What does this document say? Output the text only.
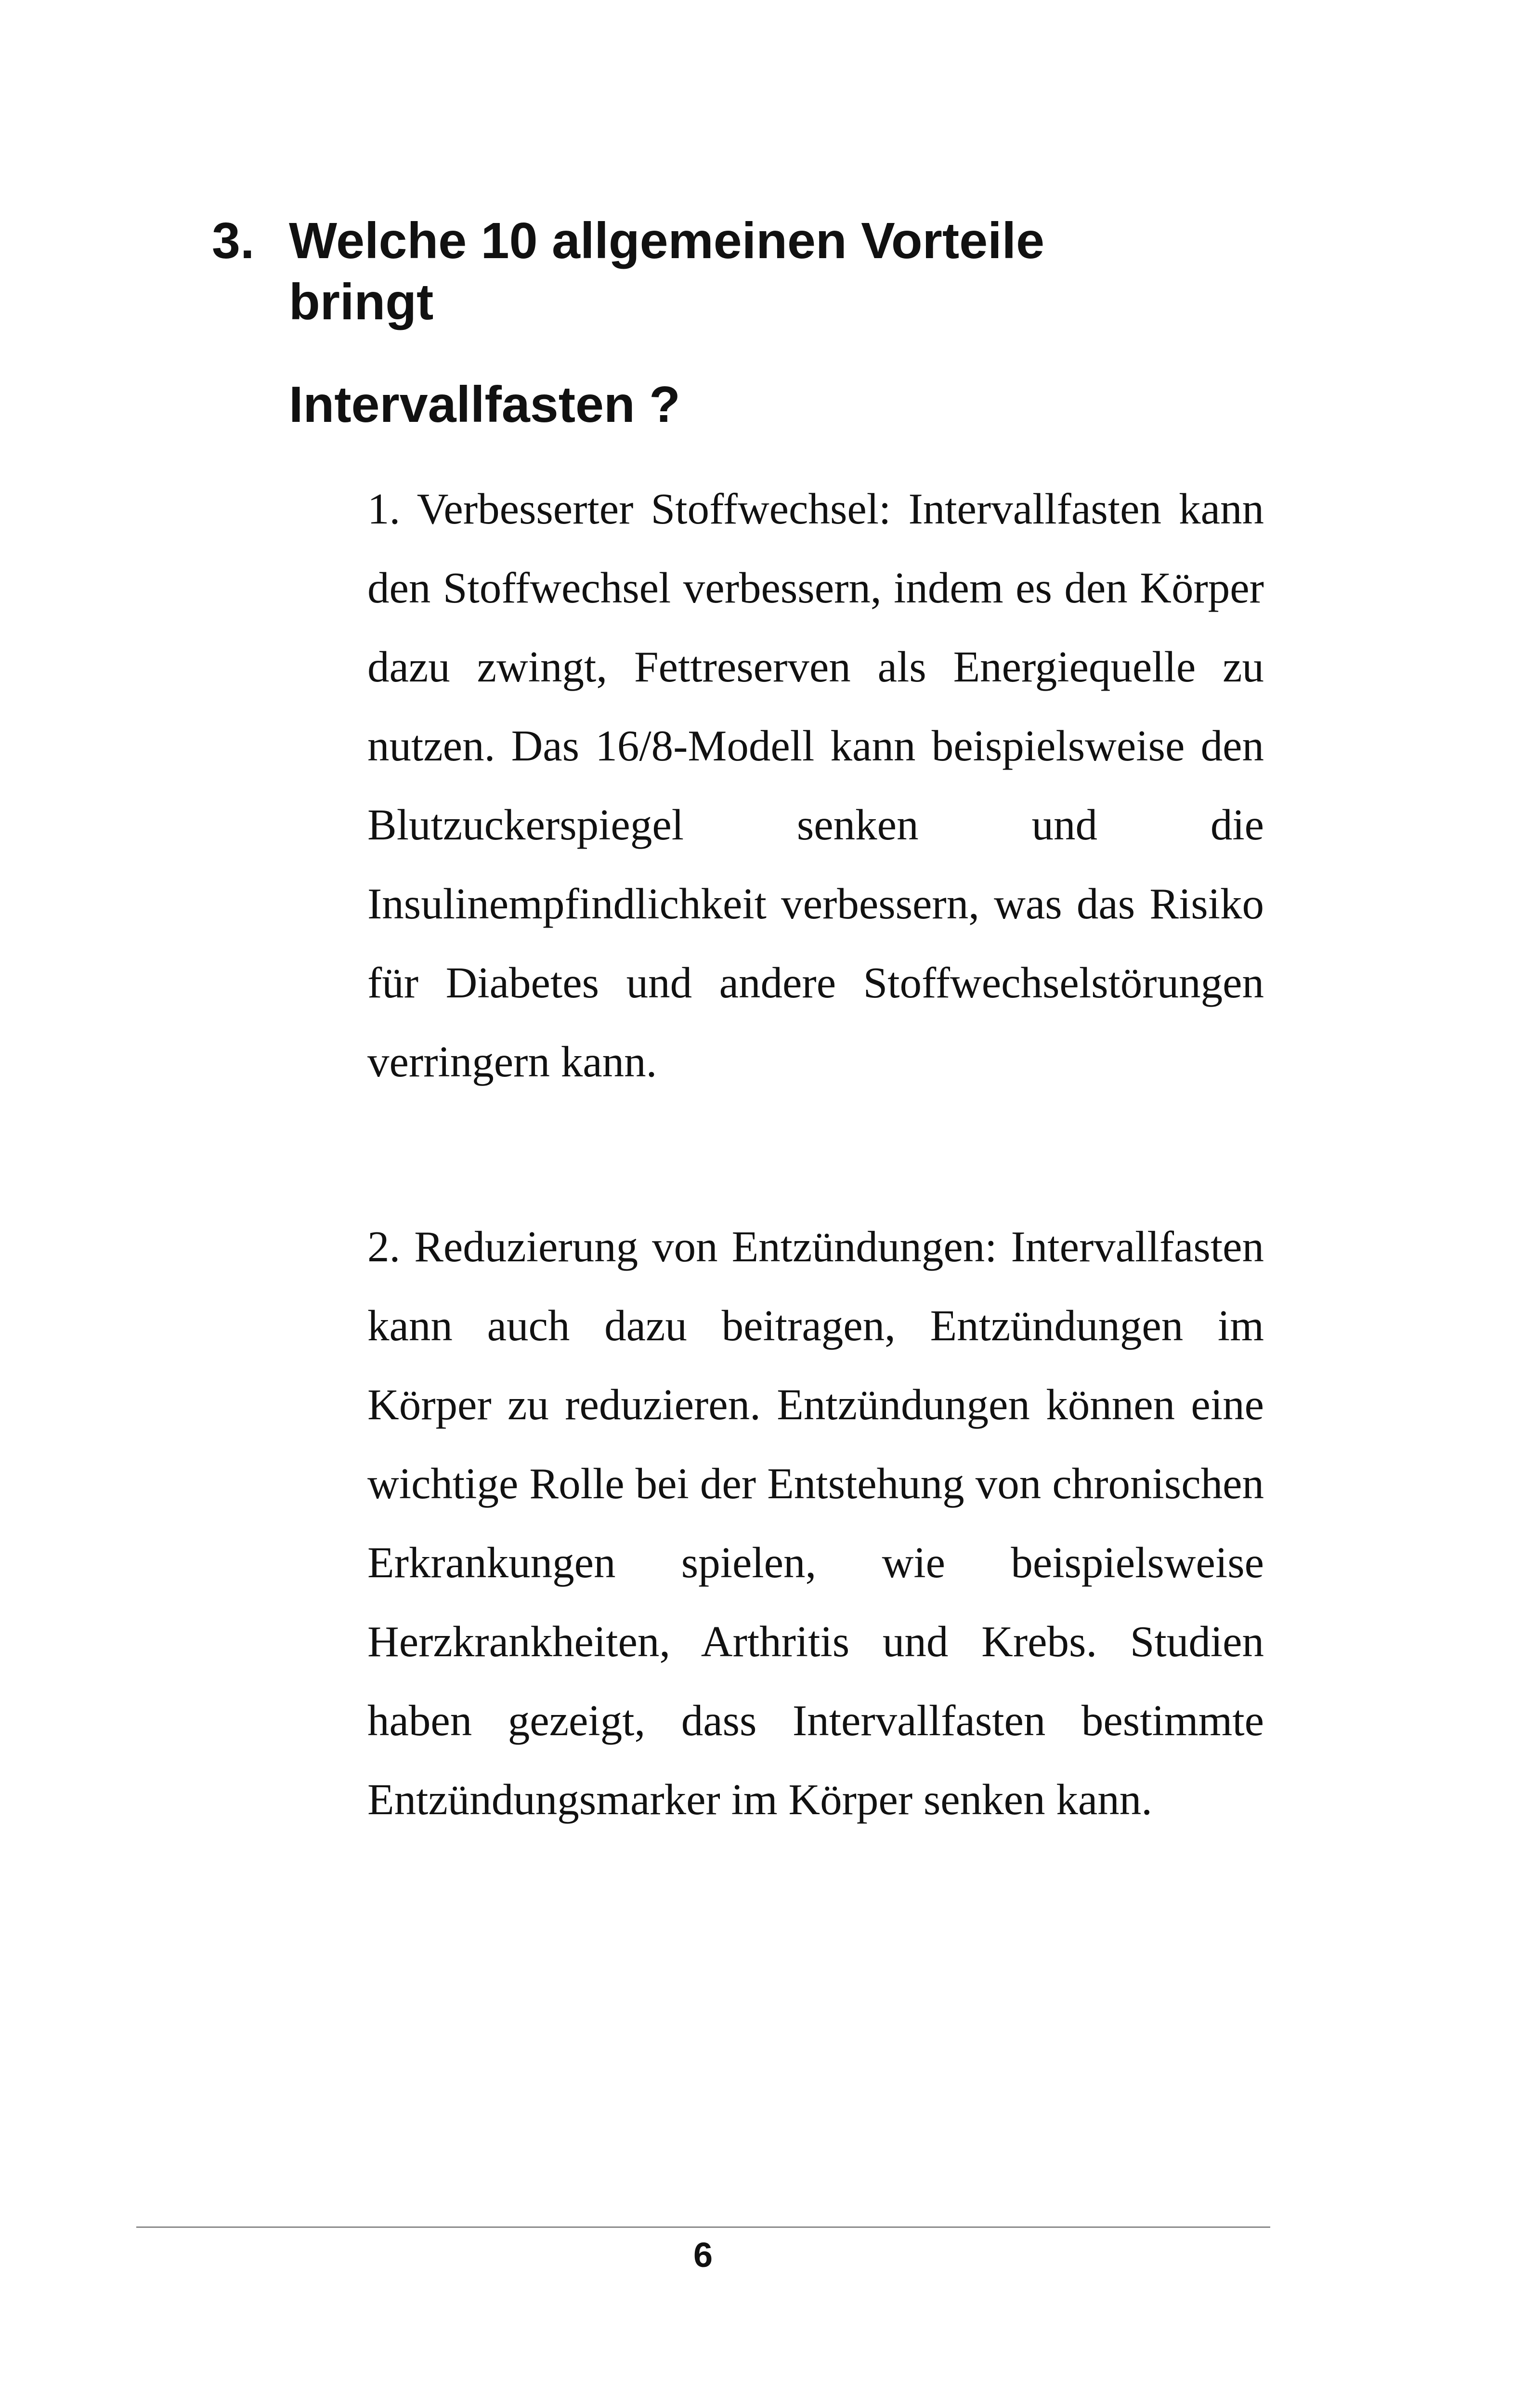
3. Welche 10 allgemeinen Vorteile
bringt
Intervallfasten ?

1. Verbesserter Stoffwechsel: Intervallfasten kann den Stoffwechsel verbessern, indem es den Körper dazu zwingt, Fettreserven als Energiequelle zu nutzen. Das 16/8-Modell kann beispielsweise den Blutzuckerspiegel senken und die Insulinempfindlichkeit verbessern, was das Risiko für Diabetes und andere Stoffwechselstörungen verringern kann.

2. Reduzierung von Entzündungen: Intervallfasten kann auch dazu beitragen, Entzündungen im Körper zu reduzieren. Entzündungen können eine wichtige Rolle bei der Entstehung von chronischen Erkrankungen spielen, wie beispielsweise Herzkrankheiten, Arthritis und Krebs. Studien haben gezeigt, dass Intervallfasten bestimmte Entzündungsmarker im Körper senken kann.

6
